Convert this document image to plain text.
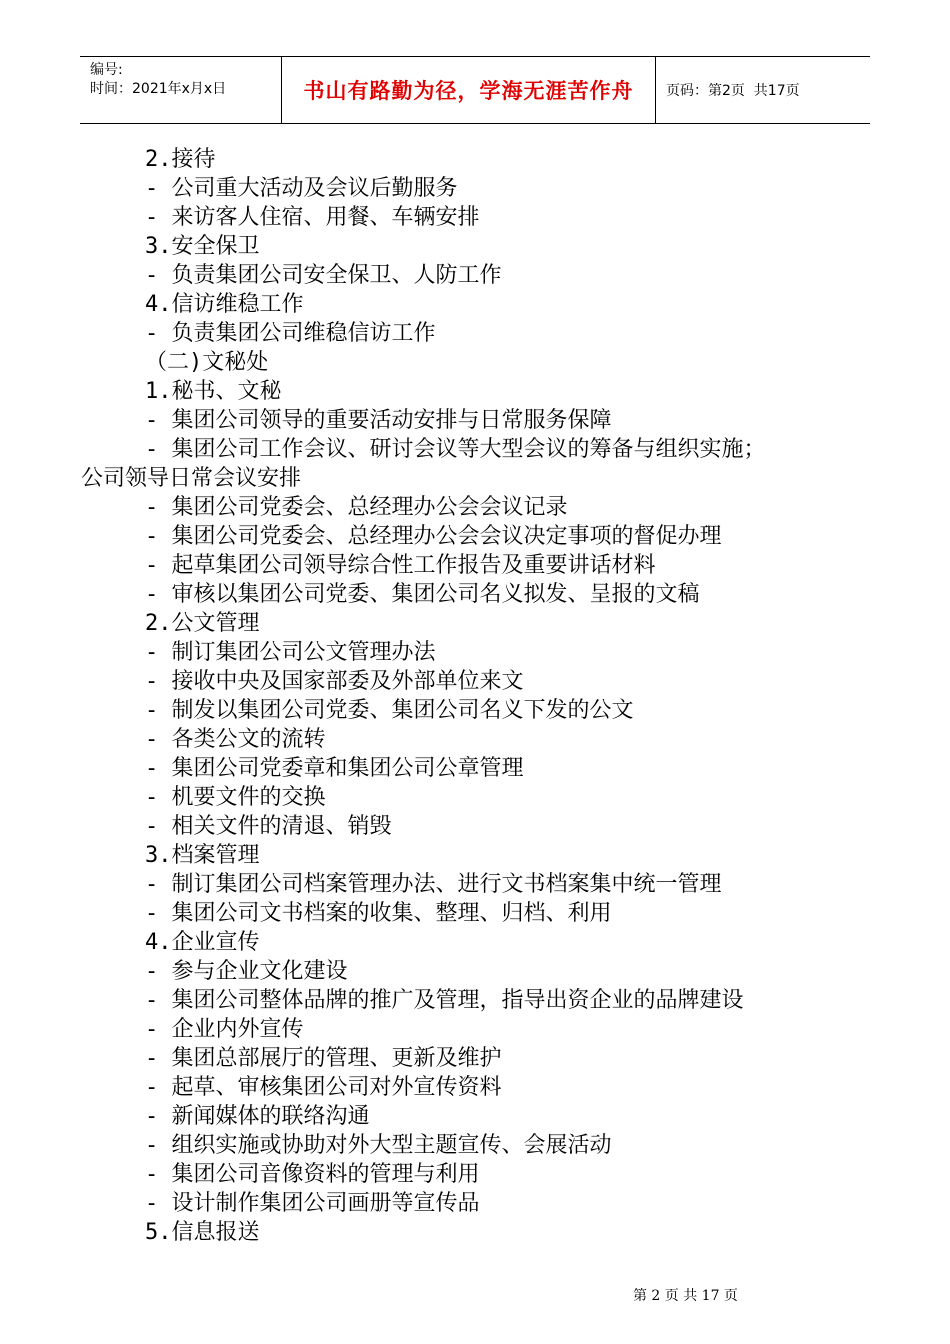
编号:
时间：2021年x月x日	书山有路勤为径，学海无涯苦作舟	页码：第2页  共17页
2.接待
- 公司重大活动及会议后勤服务
- 来访客人住宿、用餐、车辆安排
3.安全保卫
- 负责集团公司安全保卫、人防工作
4.信访维稳工作
- 负责集团公司维稳信访工作
（二)文秘处
1.秘书、文秘
- 集团公司领导的重要活动安排与日常服务保障
- 集团公司工作会议、研讨会议等大型会议的筹备与组织实施；
公司领导日常会议安排
- 集团公司党委会、总经理办公会会议记录
- 集团公司党委会、总经理办公会会议决定事项的督促办理
- 起草集团公司领导综合性工作报告及重要讲话材料
- 审核以集团公司党委、集团公司名义拟发、呈报的文稿
2.公文管理
- 制订集团公司公文管理办法
- 接收中央及国家部委及外部单位来文
- 制发以集团公司党委、集团公司名义下发的公文
- 各类公文的流转
- 集团公司党委章和集团公司公章管理
- 机要文件的交换
- 相关文件的清退、销毁
3.档案管理
- 制订集团公司档案管理办法、进行文书档案集中统一管理
- 集团公司文书档案的收集、整理、归档、利用
4.企业宣传
- 参与企业文化建设
- 集团公司整体品牌的推广及管理，指导出资企业的品牌建设
- 企业内外宣传
- 集团总部展厅的管理、更新及维护
- 起草、审核集团公司对外宣传资料
- 新闻媒体的联络沟通
- 组织实施或协助对外大型主题宣传、会展活动
- 集团公司音像资料的管理与利用
- 设计制作集团公司画册等宣传品
5.信息报送

第 2 页 共 17 页
